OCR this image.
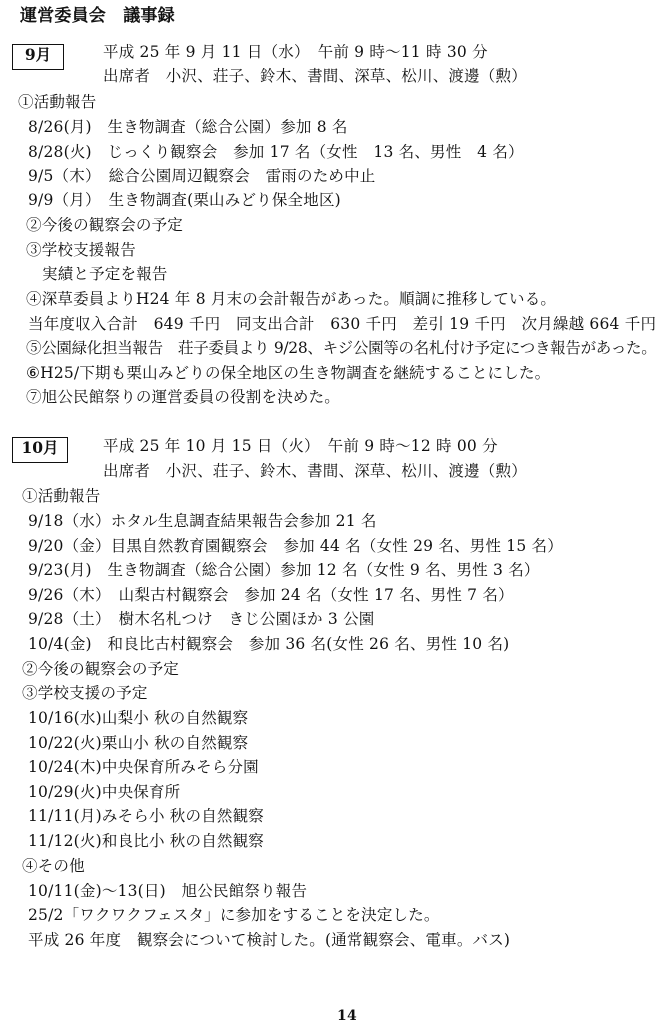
運営委員会　議事録
9月	平成 25 年 9 月 11 日（水）　午前 9 時〜11 時 30 分
出席者　小沢、荘子、鈴木、書間、深草、松川、渡邊（勲）
①活動報告
8/26(月)　生き物調査（総合公園）参加 8 名
8/28(火)　じっくり観察会　参加 17 名（女性　13 名、男性　4 名）
9/5（木）　総合公園周辺観察会　雷雨のため中止
9/9（月）　生き物調査(栗山みどり保全地区)
②今後の観察会の予定
③学校支援報告
実績と予定を報告
④深草委員よりH24 年 8 月末の会計報告があった。順調に推移している。
当年度収入合計　649 千円　同支出合計　630 千円　差引 19 千円　次月繰越 664 千円
⑤公園緑化担当報告　荘子委員より 9/28、キジ公園等の名札付け予定につき報告があった。
⑥H25/下期も栗山みどりの保全地区の生き物調査を継続することにした。
⑦旭公民館祭りの運営委員の役割を決めた。
10月	平成 25 年 10 月 15 日（火）　午前 9 時〜12 時 00 分
出席者　小沢、荘子、鈴木、書間、深草、松川、渡邊（勲）
①活動報告
9/18（水）ホタル生息調査結果報告会参加 21 名
9/20（金）目黒自然教育園観察会　参加 44 名（女性 29 名、男性 15 名）
9/23(月)　生き物調査（総合公園）参加 12 名（女性 9 名、男性 3 名）
9/26（木）　山梨古村観察会　参加 24 名（女性 17 名、男性 7 名）
9/28（土）　樹木名札つけ　きじ公園ほか 3 公園
10/4(金)　和良比古村観察会　参加 36 名(女性 26 名、男性 10 名)
②今後の観察会の予定
③学校支援の予定
10/16(水)山梨小 秋の自然観察
10/22(火)栗山小 秋の自然観察
10/24(木)中央保育所みそら分園
10/29(火)中央保育所
11/11(月)みそら小 秋の自然観察
11/12(火)和良比小 秋の自然観察
④その他
10/11(金)〜13(日)　旭公民館祭り報告
25/2「ワクワクフェスタ」に参加をすることを決定した。
平成 26 年度　観察会について検討した。(通常観察会、電車。バス)
14
